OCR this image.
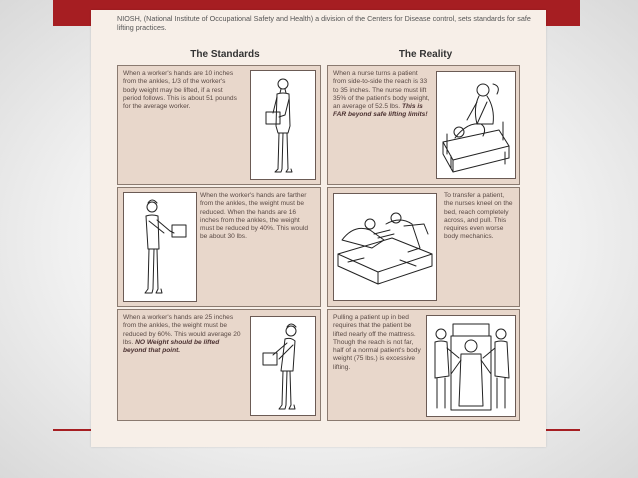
NIOSH, (National Institute of Occupational Safety and Health) a division of the Centers for Disease control, sets standards for safe lifting practices.
The Standards	The Reality
When a worker's hands are 10 inches from the ankles, 1/3 of the worker's body weight may be lifted, if a rest period follows. This is about 51 pounds for the average worker.
When a nurse turns a patient from side-to-side the reach is 33 to 35 inches. The nurse must lift 35% of the patient's body weight, an average of 52.5 lbs. This is FAR beyond safe lifting limits!
When the worker's hands are farther from the ankles, the weight must be reduced. When the hands are 16 inches from the ankles, the weight must be reduced by 40%. This would be about 30 lbs.
To transfer a patient, the nurses kneel on the bed, reach completely across, and pull. This requires even worse body mechanics.
When a worker's hands are 25 inches from the ankles, the weight must be reduced by 60%. This would average 20 lbs. NO Weight should be lifted beyond that point.
Pulling a patient up in bed requires that the patient be lifted nearly off the mattress. Though the reach is not far, half of a normal patient's body weight (75 lbs.) is excessive lifting.
